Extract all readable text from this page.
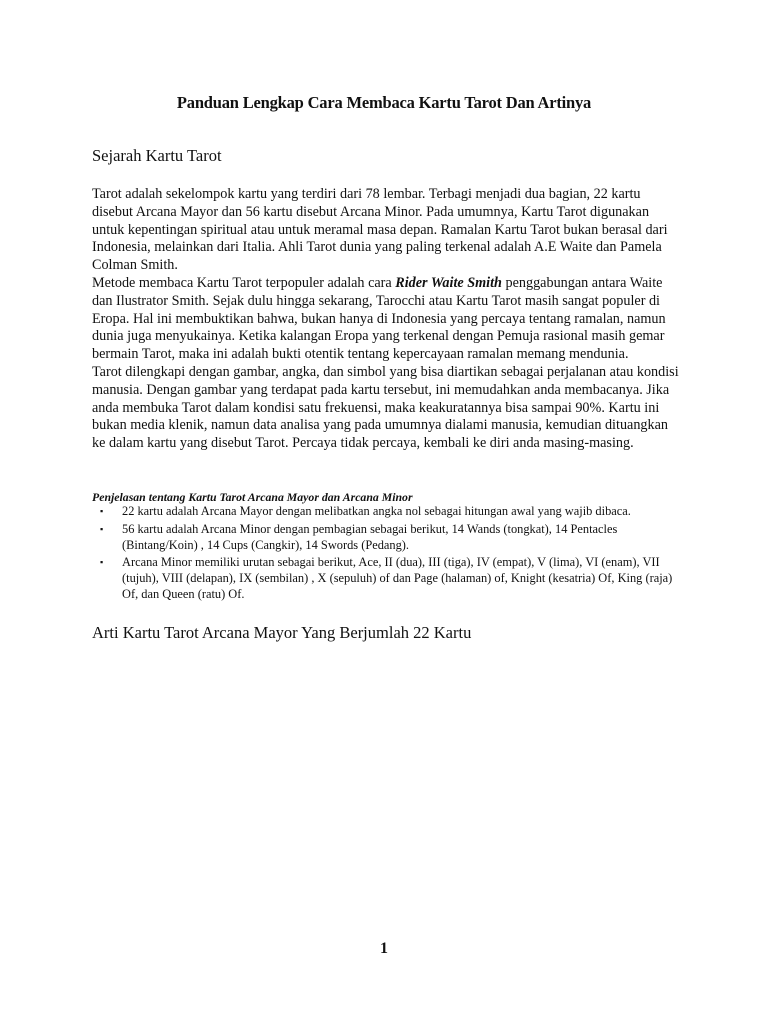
Panduan Lengkap Cara Membaca Kartu Tarot Dan Artinya
Sejarah Kartu Tarot

Tarot adalah sekelompok kartu yang terdiri dari 78 lembar. Terbagi menjadi dua bagian, 22 kartu disebut Arcana Mayor dan 56 kartu disebut Arcana Minor. Pada umumnya, Kartu Tarot digunakan untuk kepentingan spiritual atau untuk meramal masa depan. Ramalan Kartu Tarot bukan berasal dari Indonesia, melainkan dari Italia. Ahli Tarot dunia yang paling terkenal adalah A.E Waite dan Pamela Colman Smith.

Metode membaca Kartu Tarot terpopuler adalah cara Rider Waite Smith penggabungan antara Waite dan Ilustrator Smith. Sejak dulu hingga sekarang, Tarocchi atau Kartu Tarot masih sangat populer di Eropa. Hal ini membuktikan bahwa, bukan hanya di Indonesia yang percaya tentang ramalan, namun dunia juga menyukainya. Ketika kalangan Eropa yang terkenal dengan Pemuja rasional masih gemar bermain Tarot, maka ini adalah bukti otentik tentang kepercayaan ramalan memang mendunia.

Tarot dilengkapi dengan gambar, angka, dan simbol yang bisa diartikan sebagai perjalanan atau kondisi manusia. Dengan gambar yang terdapat pada kartu tersebut, ini memudahkan anda membacanya. Jika anda membuka Tarot dalam kondisi satu frekuensi, maka keakuratannya bisa sampai 90%. Kartu ini bukan media klenik, namun data analisa yang pada umumnya dialami manusia, kemudian dituangkan ke dalam kartu yang disebut Tarot. Percaya tidak percaya, kembali ke diri anda masing-masing.

Penjelasan tentang Kartu Tarot Arcana Mayor dan Arcana Minor
▪ 22 kartu adalah Arcana Mayor dengan melibatkan angka nol sebagai hitungan awal yang wajib dibaca.
▪ 56 kartu adalah Arcana Minor dengan pembagian sebagai berikut, 14 Wands (tongkat), 14 Pentacles (Bintang/Koin) , 14 Cups (Cangkir), 14 Swords (Pedang).
▪ Arcana Minor memiliki urutan sebagai berikut, Ace, II (dua), III (tiga), IV (empat), V (lima), VI (enam), VII (tujuh), VIII (delapan), IX (sembilan) , X (sepuluh) of dan Page (halaman) of, Knight (kesatria) Of, King (raja) Of, dan Queen (ratu) Of.
Arti Kartu Tarot Arcana Mayor Yang Berjumlah 22 Kartu
1
